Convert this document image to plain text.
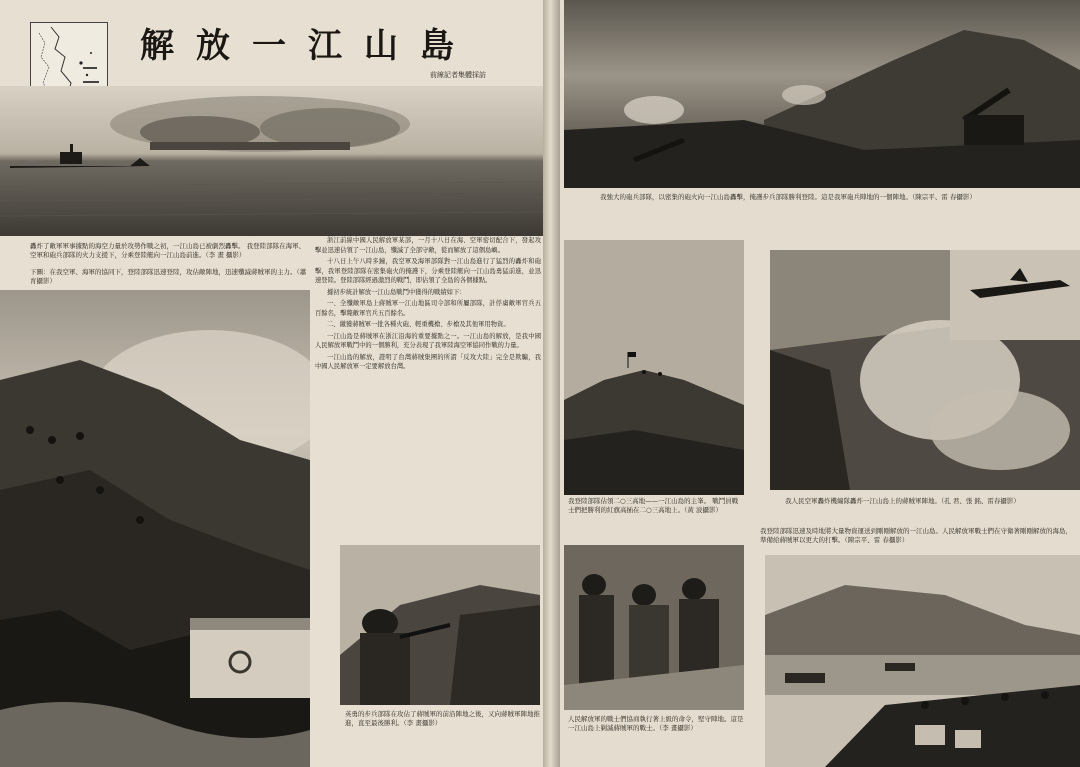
解放一江山島
前線記者集體採訪
轟炸了敵軍軍事據點的海空力量於攻勢作戰之初，一江山島已被劇烈轟擊。 我登陸部隊在海軍、空軍和砲兵部隊的火力支援下，分乘登陸艇向一江山島前進。（李 畫 攝影）
下圖：在我空軍、海軍的協同下，登陸部隊迅速登陸，攻佔敵陣地，迅速殲滅蔣賊軍的主力。（蕭 育攝影）

浙江前線中國人民解放軍某部，一月十八日在海、空軍密切配合下，發起攻擊並迅速佔領了一江山島，殲滅了全部守敵，從而解放了這個島嶼。

十八日上午八時多鐘，我空軍及海軍部隊對一江山島進行了猛烈的轟炸和砲擊，我軍登陸部隊在密集砲火的掩護下，分乘登陸艇向一江山島勇猛前進，並迅速登陸。登陸部隊經過激烈的戰鬥，即佔領了全島的各個據點。

據初步統計解放一江山島戰鬥中獲得的戰績如下：

一、全殲敵軍島上蔣賊軍一江山地區司令部和所屬部隊，計俘虜敵軍官兵五百餘名，擊斃敵軍官兵五百餘名。

二、繳獲蔣賊軍一批各種火砲、輕重機槍、步槍及其他軍用物資。

一江山島是蔣賊軍在浙江沿海的重要據點之一。一江山島的解放，是我中國人民解放軍戰鬥中的一個勝利，充分表現了我軍陸海空軍協同作戰的力量。

一江山島的解放，證明了台灣蔣賊集團的所謂「反攻大陸」完全是欺騙，我中國人民解放軍一定要解放台灣。

英勇的步兵部隊在攻佔了蔣賊軍的前沿陣地之後，又向蔣賊軍陣地推進，直至最後勝利。（李 畫攝影）
我強大的砲兵部隊，以密集的砲火向一江山島轟擊，掩護步兵部隊勝利登陸。這是我軍砲兵陣地的一個陣地。（陳宗平、雷 春攝影）
我登陸部隊佔領二○三高地——一江山島的主峯。 戰鬥員戰士們把勝利的紅旗高插在二○三高地上。（黃 波攝影）
我人民空軍轟炸機編隊轟炸一江山島上的蔣賊軍陣地。（孔 君、張 銘、雷春攝影）
我登陸部隊迅速及時地將大量物資運送到剛剛解放的一江山島。人民解放軍戰士們在守衛著剛剛解放的海島，準備給蔣賊軍以更大的打擊。（陳宗平、雷 春攝影）
人民解放軍的戰士們協商執行著上級的命令，堅守陣地。這是一江山島上剿滅蔣賊軍的戰士。（李 畫攝影）
